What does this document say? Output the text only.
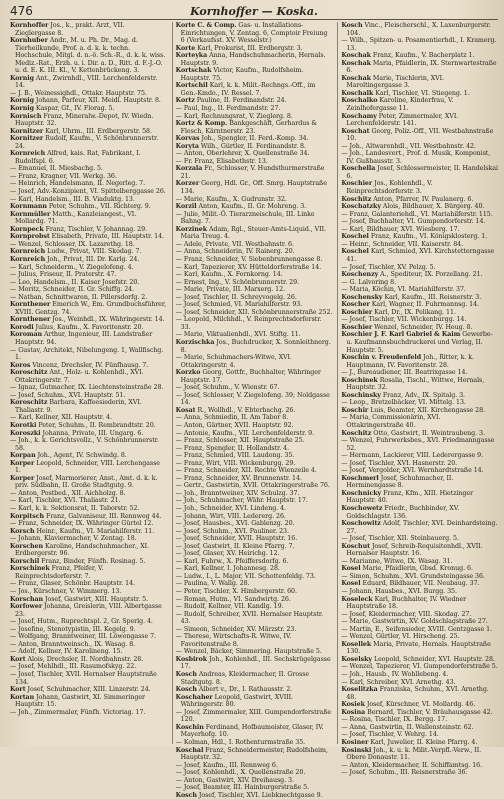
476	Kornhoffer — Koska.
Kornhoffer Jos., k., prakt. Arzt, VII. Zieglergasse 8.
Kornhuber Andr., M. u. Ph. Dr., Mag. d. Tierheilkunde, Prof. a. d. k. k. techn. Hochschule, Mitgl. d. n.-ö. Sch.-R., d. k. k. wiss. Mediz.-Rat., Erzh. u. i. Dir. a. D., Ritt. d. F.-J.-O. u. d. E. K. III. Kl., V. Kettenbrückeng. 3.
Kornig Ant., Zwirnhdl., VIII. Lerchenfelderstr. 14.
— J. B., Weinessighdl., Ottakr. Hauptstr. 75.
Kornig Johann, Parfeur, XII. Meidl. Hauptstr. 8.
Kornig Kaspar, Gf., IV. Florag. 5.
Kornisch Franz, Mineralw.-Depot, IV. Wiedn. Hauptstr. 32.
Kornitzer Karl, Uhrm., III. Erdbergerstr. 58.
Kornitzer Rudolf, Kaufm., V. Schönbrunnerstr. 24.
Kornreich Alfred, kais. Rat, Fabrikant, I. Rudolfspl. 6.
— Emanuel, II. Miesbachg. 5.
— Franz, Kragner, VII. Werkg. 36.
— Heinrich, Handelsmann, II. Negerleg. 7.
— Josef, Adv.-Konzipient, VI. Spittelberggasse 26.
— Karl, Handelsm., III. B. Viaduktg. 13.
Kornmann Peter, Schuhm., VII. Richterg. 9.
Kornmüller Matth., Kanzleiangest., VI. Mollardg. 71.
Kornpeck Franz, Tischler, V. Johannag. 29.
Kornprobst Elisabeth, Private, III. Hauptstr. 14.
— Wenzel, Schlosser, IX. Lazarethg. 18.
Kornreich Ludw., Privat, VIII. Skodag. 7.
Kornreich Joh., Privat, III. Dr. Karlg. 24.
— Karl, Schneiderm., V. Ziegelofeng. 4.
— Julius, Friseur, II. Praterstr. 47.
— Leo, Handelsm., II. Kaiser Josefstr. 20.
— Moritz, Schneider, II. Gr. Schiffg. 24.
— Nathan, Schnittwaren, II. Pillersdorfg. 2.
Kornthener Emerich W., Em. Grundbuchsführer, XVIII. Gentzg. 74.
Kornthener Jos., Weinhdl., IX. Währingerstr. 14.
Korodi Julius, Kaufm., X. Favoritenstr. 20.
Koroman Arthur, Ingenieur, III. Landstraßer Hauptstr. 94.
— Gustav, Architekt, Nibelungeng. 1, Wallfischg. 1.
Koros Vincenz, Drechsler, IV. Fünfhausg. 7.
Koroschitz Ant., Holz- u. Kohlenhdl., XVI. Ottakringerstr. 7.
— Ignaz, Gutmacher, IX. Liechtensteinstraße 28.
— Josef, Schuhm., XVI. Hauptstr. 51.
Koroschitz Barbara, Kaffeesiederin, XVI. Thaliastr. 9.
— Karl, Kellner, XII. Hauptstr. 4.
Korotki Peter, Schuhm., II. Rembrandtstr. 20.
Koroszki Johanna, Private, III. Ungarg. 6.
— Joh., k. k. Gerichtsvollz., V. Schönbrunnerstr. 58.
Korpan Joh., Agent, IV. Schwindg. 8.
Korper Leopold, Schneider, VIII. Lerchengasse 1.
Korper Josef, Marmorierer, Anst., Amt. d. k. k. priv. Südbahn, II. Große Stadtgutg. 9.
— Anton, Postbed., XII. Aichholzg. 8.
— Karl, Tischler, XVI. Thaliastr. 21.
— Karl, k. k. Sektionsrat, II. Taborstr. 52.
Korpitsch Franz, Galvaniseur, III. Rennweg 44.
— Franz, Schneider, IX. Währinger Gürtel 12.
Korsch Heinr., Kaufm., VI. Mariahilferstr. 11.
— Johann, Klaviermacher, V. Zentag. 18.
Korschen Karoline, Handschuhmacher., XI. Erdbergerstr. 96.
Korschil Franz, Binder, Fünfh. Rosinag. 5.
Korschinek Franz, Pfeifer, V. Reinprechtsdorferstr. 7.
— Franz, Glaser, Schönbr. Hauptstr. 14.
— Jos., Kürschner, V. Wimmerg. 13.
Korschan Josef, Gastwirt, XIII. Hauptstr. 5.
Korfower Johanna, Greislerin, VIII. Albertgasse 23.
— Josef, Hutm., Ruprechtspl. 2, Gr. Sperlg. 4.
— Josefine, Stenotypistin, III. Kegelg. 9.
— Wolfgang, Branntweiner, III. Löwengasse 7.
— Anton, Branntweinsch., IX. Wasag. 8.
— Adolf, Kellner, IV. Karolineng. 15.
Kort Alois, Drechsler, II. Nordbahnstr. 28.
— Josef, Mehlhdl., III. Rasumofskyg. 22.
— Josef, Tischler, XVII. Hernalser Hauptstraße 134.
Kort Josef, Schuhmacher, XIII. Linzerstr. 24.
Kortan Johann, Gastwirt, XI. Simmeringer Hauptstr. 15.
— Joh., Zimmermaler, Fünfh. Victoriag. 17.
Korte C. & Comp. Gas- u. Installations-Einrichtungen, V. Zentag. 6, Comptoir Freiung 6 (Verkaufsst. XV. Wesselstr.)
Korte Karl, Prokurist, III. Erdbergstr. 3.
Korteyka Anna, Handschuhmacherin, Hernals. Hauptstr. 9.
Kortschak Victor, Kaufm., Rudolfsheim. Hauptstr. 75.
Kortschil Karl, k. k. Milit.-Rechngs.-Off., im Gen.-Kmdo., IV. Ressel. 7.
Kortz Pauline, II. Ferdinandstr. 24.
— Paul, Ing., II. Ferdinandstr. 27.
— Karl, Rechnungsrat, V. Zieglerg. 8.
Kortz & Komp. Bankgeschäft, Gerhardus & Flesch, Kärntnerstr. 23.
Korvas Joh., Spengler, II. Ferd.-Komp. 34.
Koryta Wilh., Gürtler, II. Ferdinandstr. 8.
— Anton, Oberlehrer, X. Quellenstraße 34.
— Fr. Franz, Elisabethstr. 13.
Korzala Fr., Schlosser, V. Hundsthurmerstraße 21.
Korzer Georg, Hdl. Gr., Off. Smrg. Hauptstraße 134.
— Marie, Kaufm., X. Gudrunstr. 32.
Korzil Anton, Kaufm., II. Gr. Mohreng. 3.
— Julie, Milit.-Ö. Tierarzneischule, III. Linke Bahng. 7.
Korzinek Adam, Rgl., Steuer-Amts-Liquid., VII. Maria Treug. 4.
— Adele, Private, VII. Westbahnstr. 6.
— Anna, Schneiderin, IV. Rainerg. 20.
— Franz, Schneider, V. Siebenbrunnengasse 8.
— Karl, Tapezierer, XV. Hütteldorferstraße 14.
— Karl, Kaufm., X. Fernkorng. 14.
— Ernest, Ing., V. Schönbrunnerstr. 29.
— Marie, Private, III. Marxerg. 12.
— Josef, Tischler, II. Schreyvogelg. 26.
— Josef, Schmied, VI. Mariahilferstr. 93.
— Josef, Schneider, XII. Schönbrunnerstraße 252.
— Leopold, Milchhdl., V. Reinprechtsdorferstr. 33.
— Marie, Viktualienhdl., XVI. Stiftg. 11.
Korzischka Jos., Buchdrucker, X. Sonnleithnerg. 8.
— Marie, Schuhmachers-Witwe, XVI. Ottakringerstr. 4.
Korzko Georg, Gottfr., Buchhalter, Währinger Hauptstr. 17.
— Josef, Schuhm., V. Wienstr. 67.
— Josef, Schlosser, V. Ziegelofeng. 39; Noldgasse 14.
Kosat R., Wollhdl., V. Ebterbachg. 26.
— Anna, Schmiedin, II. Am Tabor 8.
— Anton, Gärtner, XVII. Hauptstr. 92.
— Antonie, Kaufm., VII. Lerchenfelderstr. 9.
— Franz, Schlosser, XII. Hauptstraße 25.
— Franz, Spengler, II. Hollandstr. 4.
— Franz, Schmied, VIII. Laudong. 35.
— Franz, Wirt, VIII. Wickenburgg. 29.
— Franz, Schneider, XII. Rechte Wienzeile 4.
— Franz, Schneider, XV. Brunnenstr. 14.
— Gertr., Gastwirtin, XVII. Ottakringerstraße 76.
— Joh., Branntweiner, XIV. Schulzg. 37.
— Joh., Schuhmacher, Währ. Hauptstr. 17.
— Joh., Schneider, XVI. Lindeng. 4.
— Johann, Wirt, VIII. Ledererg. 26.
— Josef, Hausbes., XVI. Gablenzg. 20.
— Josef, Schuhm., XVI. Pauliner. 23.
— Josef, Schneider, XVII. Hauptstr. 16.
— Josef, Gastwirt, II. Kleine Pfarrg. 7.
— Josef, Glaser, XV. Heirichg. 12.
— Karl, Fuhrw., X. Pfeiffersdorfg. 6.
— Karl, Kellner, I. Johannesg. 28.
— Ludw., I., L. Major, VII. Schottenfeldg. 73.
— Paulina, V. Wallg. 28.
— Peter, Tischler, X. Himbergerstr. 60.
— Roman, Hutm., VI. Sandwirtg. 26.
— Rudolf, Kellner, VII. Kandlg. 19.
— Rudolf, Schreiber, XVII. Hernalser Hauptstr. 43.
— Simeon, Schneider, XV. Märzstr. 23.
— Therese, Wirtschafts-R. Witwe, IV. Favoritenstraße 8.
— Wenzel, Bäcker, Simmering. Hauptstraße 5.
Kosbirok Joh., Kohlenhdl., III. Sechskrügelgasse 17.
Kosch Andreas, Kleidermacher, II. Grosse Stadtgutg. 8.
Kosch Albert v., Dr., I. Rathausstr. 2.
Koschaher Leopold, Gastwirt, XVIII. Währingerstr. 80.
— Josef, Zimmermaler, XIII. Gumpendorferstraße 120.
Koschin Ferdinand, Hofbaumeister, Glaser, IV. Mayerhofg. 10.
— Kolman, Hdl., I. Rothenturmstraße 35.
Koschal Franz, Schneidermeister, Rudolfsheim, Hauptstr. 32.
— Josef, Kaufm., III. Rennweg 6.
— Josef, Kohlenhdl., X. Quellenstraße 20.
— Anton, Gastwirt, XIV. Dreihausg. 3.
— Josef, Beamter, III. Hainburgerstraße 5.
Kosch Josef, Tischler, XVI. Liebknechtgasse 9.
Kosch Vinc., Fleischerschl., X. Laxenburgerstr. 104.
— Wilh., Spitzen- u. Posamentierhdl., I. Kramerg. 13.
Koschak Franz, Kaufm., V. Bacherplatz 1.
Koschak Maria, Pfaidlerin, IX. Sternwartestraße 6.
Koschak Marie, Tischlerin, XVI. Maroltingergasse 3.
Koschalk Karl, Tischler, VI. Stiegeng. 1.
Koschalko Karoline, Kinderfrau, V. Zeinlhofergasse 11.
Koschamy Peter, Zimmermaler, XVI. Lerchenfelderstr. 141.
Koschat Georg, Poliz.-Off., VII. Westbahnstraße 10.
— Joh., Altwarenhdl., VII. Westbahnstr. 42.
— Joh., Landesvert., Prof. d. Musik, Komponist, IV. Gußhausstr. 3.
Koschella Josef, Schlossermeister, II. Handelskai 6.
Koschier Jos., Kohlenhdl., V. Reinprechtsdorferstr. 3.
Koschitz Anton, Pfarrer, IV. Paulanerg. 6.
Koschatzky Alois, Bildhauer, X. Bürgerg. 40.
— Franz, Galanteriehdl., VI. Mariahilferstr. 115.
— Josef, Buchhalter, VI. Gumpendorferstr. 14.
— Karl, Bildhauer, XVI. Wiesberg. 17.
Koschel Franz, Kaufm., VI. Königsklosterg. 1.
— Heinr., Schneider, VII. Kaiserstr. 84.
Koschel Karl, Schmied, XVI. Kirchstetterngasse 41.
— Josef, Tischler, XV. Pelzg. 5.
Koschenzy A., Spediteur, IX. Porzellang. 21.
— G. Lalvoring 8.
— Maria, Köchin, VI. Mariahilferstr. 37.
Koschensky Karl, Kaufm., III. Reisnerstr. 3.
Koscher Karl, Wagner, II. Fuhrmannsg. 14.
Koschier Karl, Dr., IX. Pelikang. 11.
— Josef, Tischler, VII. Wickenburgg. 14.
Koschier Wenzel, Schneider, IV. Heug. 8.
Koschier J. F. Karl Gabriel & Kaim Gewerbe- u. Kaufmannsbuchdruckerei und Verlag, II. Hauptstr. 5.
Koschin v. Freudenfeld Joh., Ritter, k. k. Hauptmann, IV. Favoritenstr. 28.
— J., Bureaudiener, III. Beatrixgasse 14.
Koschinek Rosalia, Tischl., Wittwe, Hernals, Hauptstr. 32.
Koschinsky Franz, Adv., IX. Spitalg. 3.
— Leop., Bretzelbäcker, VI. Mittelg. 13.
Koschir Luis, Beamter, XII. Kirchengasse 28.
— Maria, Commissionärin, XVI. Ottakringerstraße 40.
Koschitz Otto, Gastwirt, II. Weintraubeng. 3.
— Wenzel, Fuhrwerksbes., XVI. Friedmanngasse 52.
— Hermann, Lackierer, VIII. Lederergasse 9.
— Josef, Tischler, XVI. Hasnerstr. 20.
— Josef, Vergolder, XVI. Wernhardtstraße 14.
Koschmerl Josef, Schuhmacher, II. Herminengasse 8.
Koschnicky Franz, Kfm., XIII. Hietzinger Hauptstr. 40.
Koschowetz Friedr., Buchbinder, XV. Goldschlagstr. 136.
Koschowitz Adolf, Tischler, XVI. Deinhardsteing. 27.
— Josef, Tischler, XII. Steinbauerg. 5.
Koschut Josef, Schreib-Requisitenhdl., XVII. Hernalser Hauptstr. 16.
— Marianne, Witwe, IX. Wasag. 31.
Kosel Marie, Pfaidlerin, Gbsd. Kronug. 6.
— Simon, Schuhm., XVI. Grundsteingasse 36.
Kosel Eduard, Bildhauer, VII. Neubaug. 37.
— Johann, Hausbes., XVI. Burgg. 35.
Koseleck Karl, Buchhalter, IV. Wiedner Hauptstraße 18.
— Josef, Kleidermacher, VIII. Skodag. 27.
— Marie, Gastwirtin, XV. Goldschlagstraße 27.
— Martin, E., Seifensieder, XVIII. Gentzgasse 1.
— Wenzel, Gürtler, VI. Hirscheng. 25.
Kosellek Maria, Private, Hernals. Hauptstraße 130.
Koselsky Leopold, Schneider, XVI. Hauptstr. 28.
— Wenzel, Tapezierer, VI. Gumpendorferstraße 5.
— Joh., Hausb., IV. Wohllebeng. 4.
— Karl, Schreiber, XVI. Arnethg. 43.
Koselitzka Franziska, Schuhm., XVI. Arnethg. 48.
Kosiek Josef, Kürschner, VI. Mollardg. 46.
Kosina Bernard, Tischler, V. Bräuhausgasse 42.
— Rosina, Tischler, IX. Bergg. 17.
— Anna, Gastwirtin, II. Wallensteinstr. 62.
— Josef, Tischler, V. Wehrg. 14.
Kosiner Karl, Juwelier, II. Kleine Pfarrg. 4.
Kosinski Joh., k. u. k. Milit.-Verpfl.-Verw., II. Obere Donaustr. 11.
— Anton, Kleidermacher, II. Schiffamtsg. 16.
— Josef, Schuhm., III. Reisnerstraße 36.
